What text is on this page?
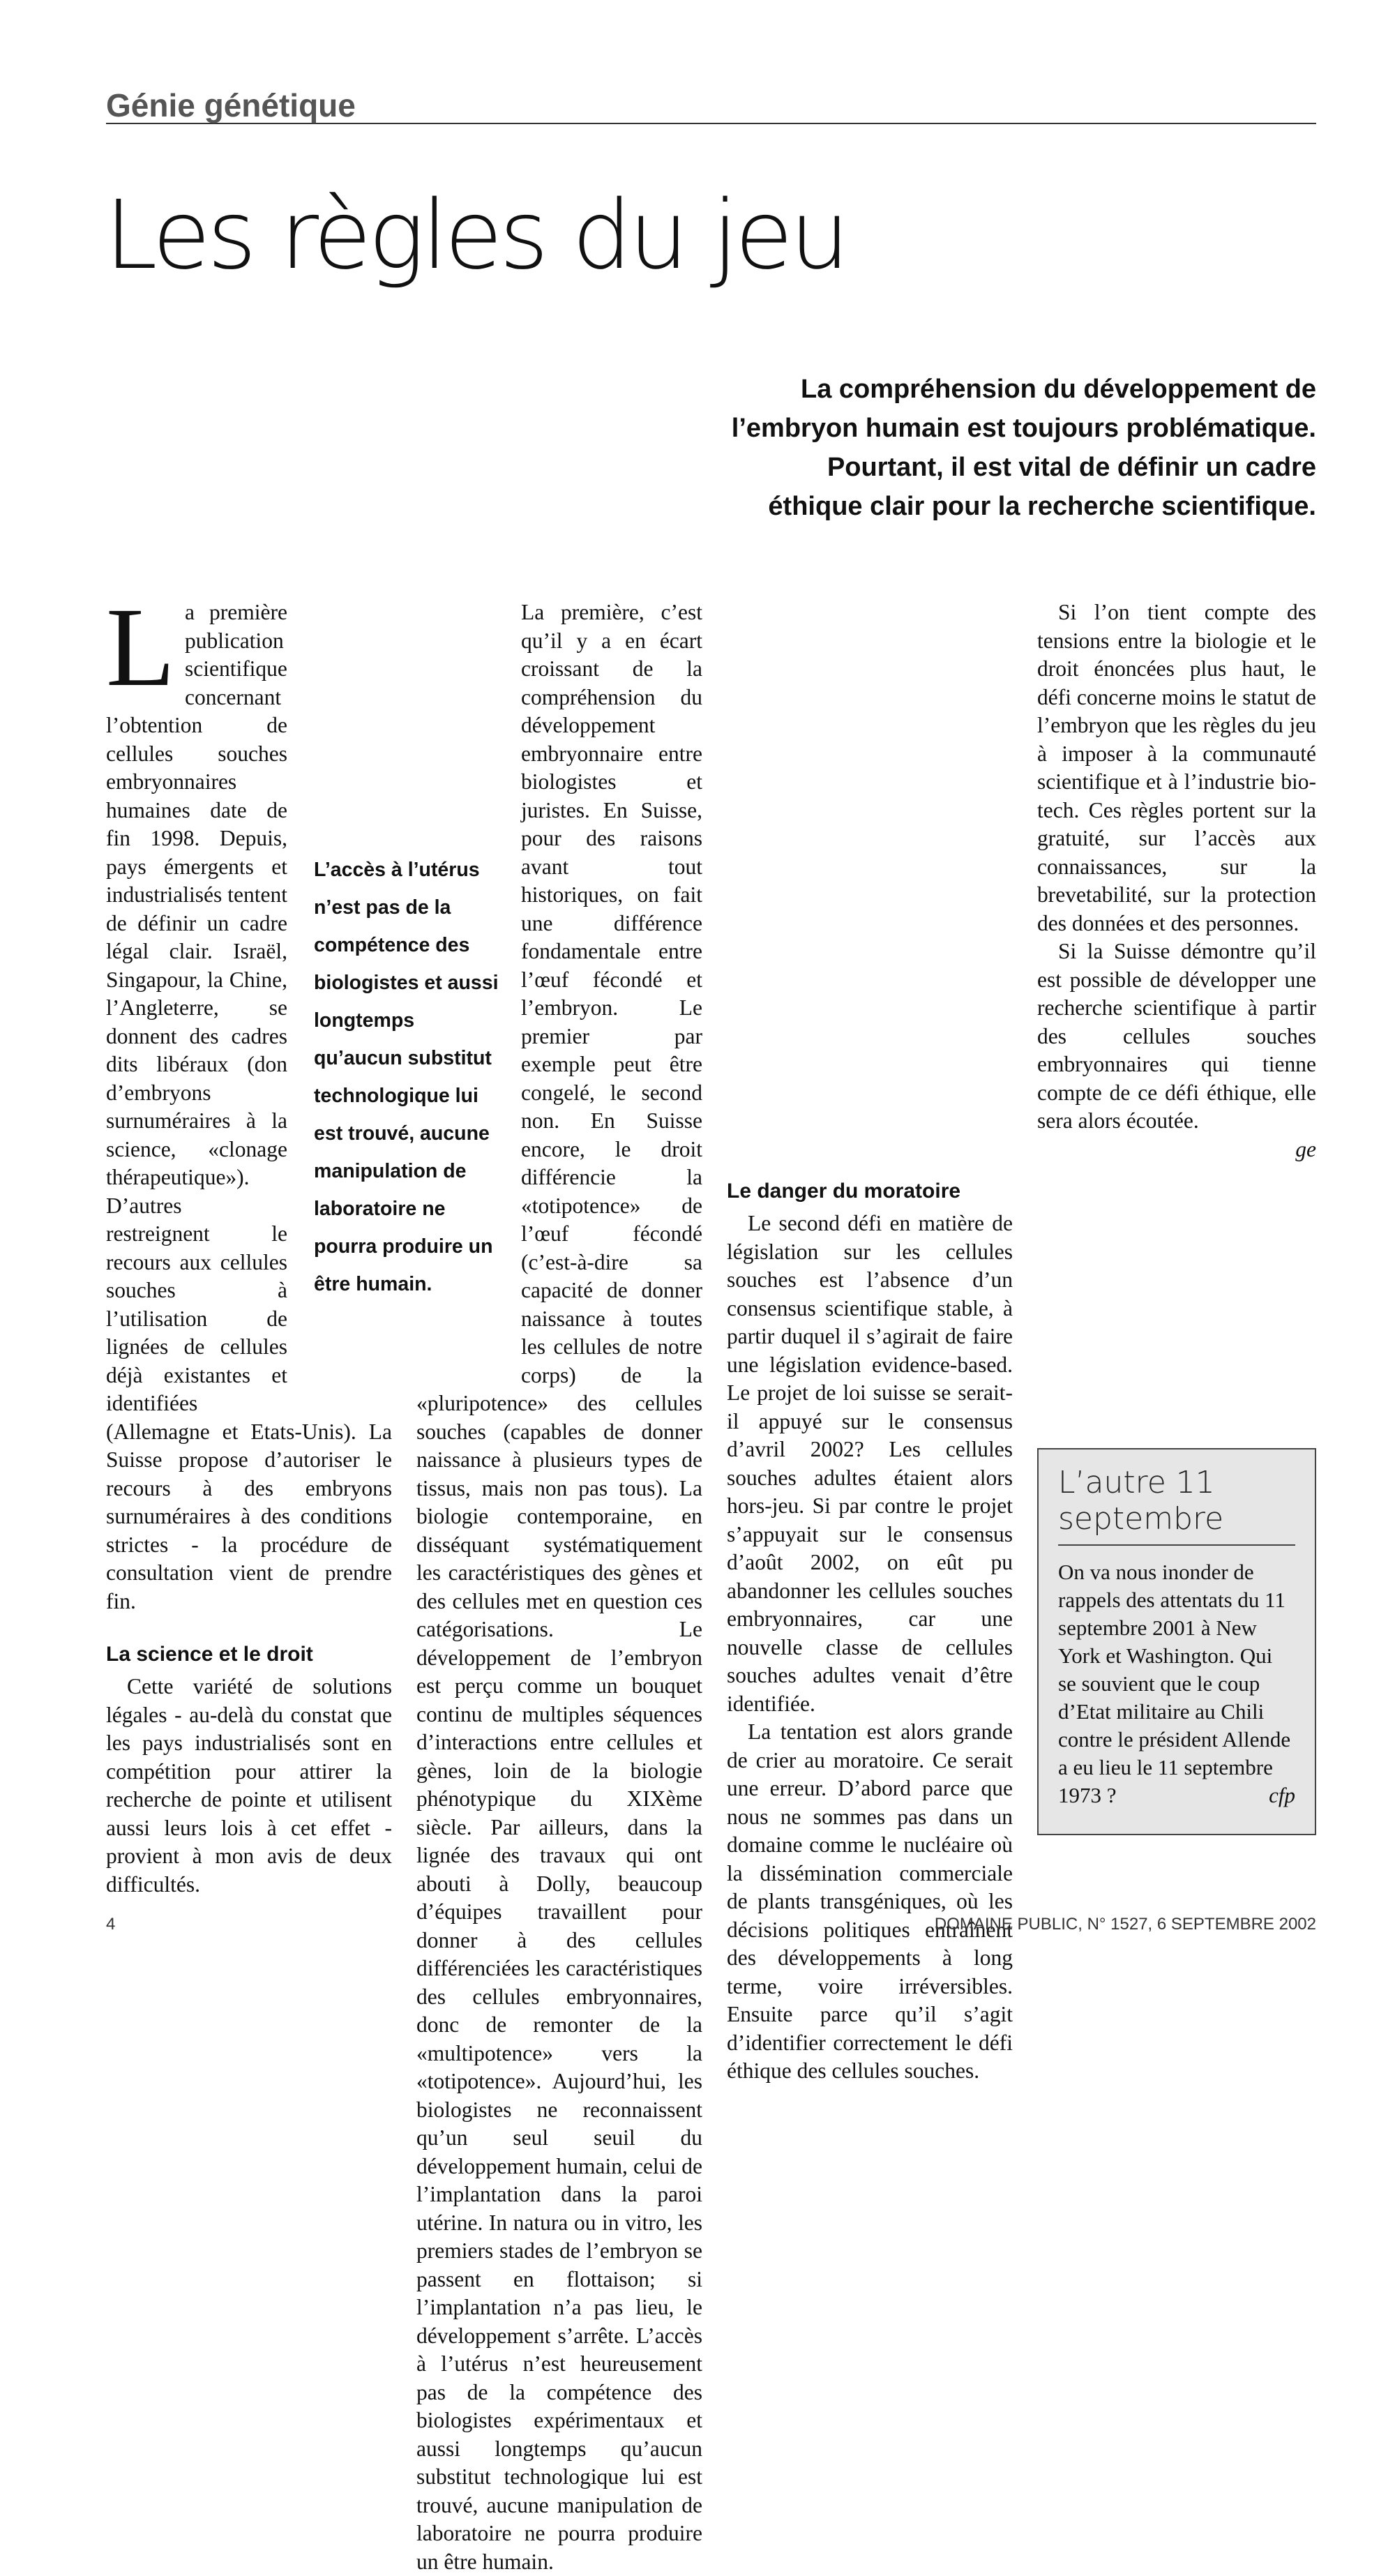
Génie génétique
Les règles du jeu
La compréhension du développement de
l’embryon humain est toujours problématique.
Pourtant, il est vital de définir un cadre
éthique clair pour la recherche scientifique.
L a première publication scientifique concernant l’obtention de cellules souches embryonnaires humaines date de fin 1998. Depuis, pays émergents et industrialisés tentent de définir un cadre légal clair. Israël, Singapour, la Chine, l’Angleterre, se donnent des cadres dits libéraux (don d’embryons surnuméraires à la science, «clonage thérapeutique»). D’autres restreignent le recours aux cellules souches à l’utilisation de lignées de cellules déjà existantes et identifiées (Allemagne et Etats-Unis). La Suisse propose d’autoriser le recours à des embryons surnuméraires à des conditions strictes - la procédure de consultation vient de prendre fin.

La science et le droit

Cette variété de solutions légales - au-delà du constat que les pays industrialisés sont en compétition pour attirer la recherche de pointe et utilisent aussi leurs lois à cet effet - provient à mon avis de deux difficultés.

La première, c’est qu’il y a en écart croissant de la compréhension du développement embryonnaire entre biologistes et juristes. En Suisse, pour des raisons avant tout historiques, on fait une différence fondamentale entre l’œuf fécondé et l’embryon. Le premier par exemple peut être congelé, le second non. En Suisse encore, le droit différencie la «totipotence» de l’œuf fécondé (c’est-à-dire sa capacité de donner naissance à toutes les cellules de notre corps) de la «pluripotence» des cellules souches (capables de donner naissance à plusieurs types de tissus, mais non pas tous). La biologie contemporaine, en disséquant systématiquement les caractéristiques des gènes et des cellules met en question ces catégorisations. Le développement de l’embryon est perçu comme un bouquet continu de multiples séquences d’interactions entre cellules et gènes, loin de la biologie phénotypique du XIXème siècle. Par ailleurs, dans la lignée des travaux qui ont abouti à Dolly, beaucoup d’équipes travaillent pour donner à des cellules différenciées les caractéristiques des cellules embryonnaires, donc de remonter de la «multipotence» vers la «totipotence». Aujourd’hui, les biologistes ne reconnaissent qu’un seul seuil du développement humain, celui de l’implantation dans la paroi utérine. In natura ou in vitro, les premiers stades de l’embryon se passent en flottaison; si l’implantation n’a pas lieu, le développement s’arrête. L’accès à l’utérus n’est heureusement pas de la compétence des biologistes expérimentaux et aussi longtemps qu’aucun substitut technologique lui est trouvé, aucune manipulation de laboratoire ne pourra produire un être humain.

L’accès à l’utérus n’est pas de la compétence des biologistes et aussi longtemps qu’aucun substitut technologique lui est trouvé, aucune manipulation de laboratoire ne pourra produire un être humain.
Le danger du moratoire

Le second défi en matière de législation sur les cellules souches est l’absence d’un consensus scientifique stable, à partir duquel il s’agirait de faire une législation evidence-based. Le projet de loi suisse se serait-il appuyé sur le consensus d’avril 2002? Les cellules souches adultes étaient alors hors-jeu. Si par contre le projet s’appuyait sur le consensus d’août 2002, on eût pu abandonner les cellules souches embryonnaires, car une nouvelle classe de cellules souches adultes venait d’être identifiée.

La tentation est alors grande de crier au moratoire. Ce serait une erreur. D’abord parce que nous ne sommes pas dans un domaine comme le nucléaire où la dissémination commerciale de plants transgéniques, où les décisions politiques entraînent des développements à long terme, voire irréversibles. Ensuite parce qu’il s’agit d’identifier correctement le défi éthique des cellules souches.

Si l’on tient compte des tensions entre la biologie et le droit énoncées plus haut, le défi concerne moins le statut de l’embryon que les règles du jeu à imposer à la communauté scientifique et à l’industrie bio-tech. Ces règles portent sur la gratuité, sur l’accès aux connaissances, sur la brevetabilité, sur la protection des données et des personnes.

Si la Suisse démontre qu’il est possible de développer une recherche scientifique à partir des cellules souches embryonnaires qui tienne compte de ce défi éthique, elle sera alors écoutée.

ge
L’autre 11 septembre
On va nous inonder de rappels des attentats du 11 septembre 2001 à New York et Washington. Qui se souvient que le coup d’Etat militaire au Chili contre le président Allende a eu lieu le 11 septembre 1973 ?	cfp
4	DOMAINE PUBLIC, N° 1527, 6 SEPTEMBRE 2002
